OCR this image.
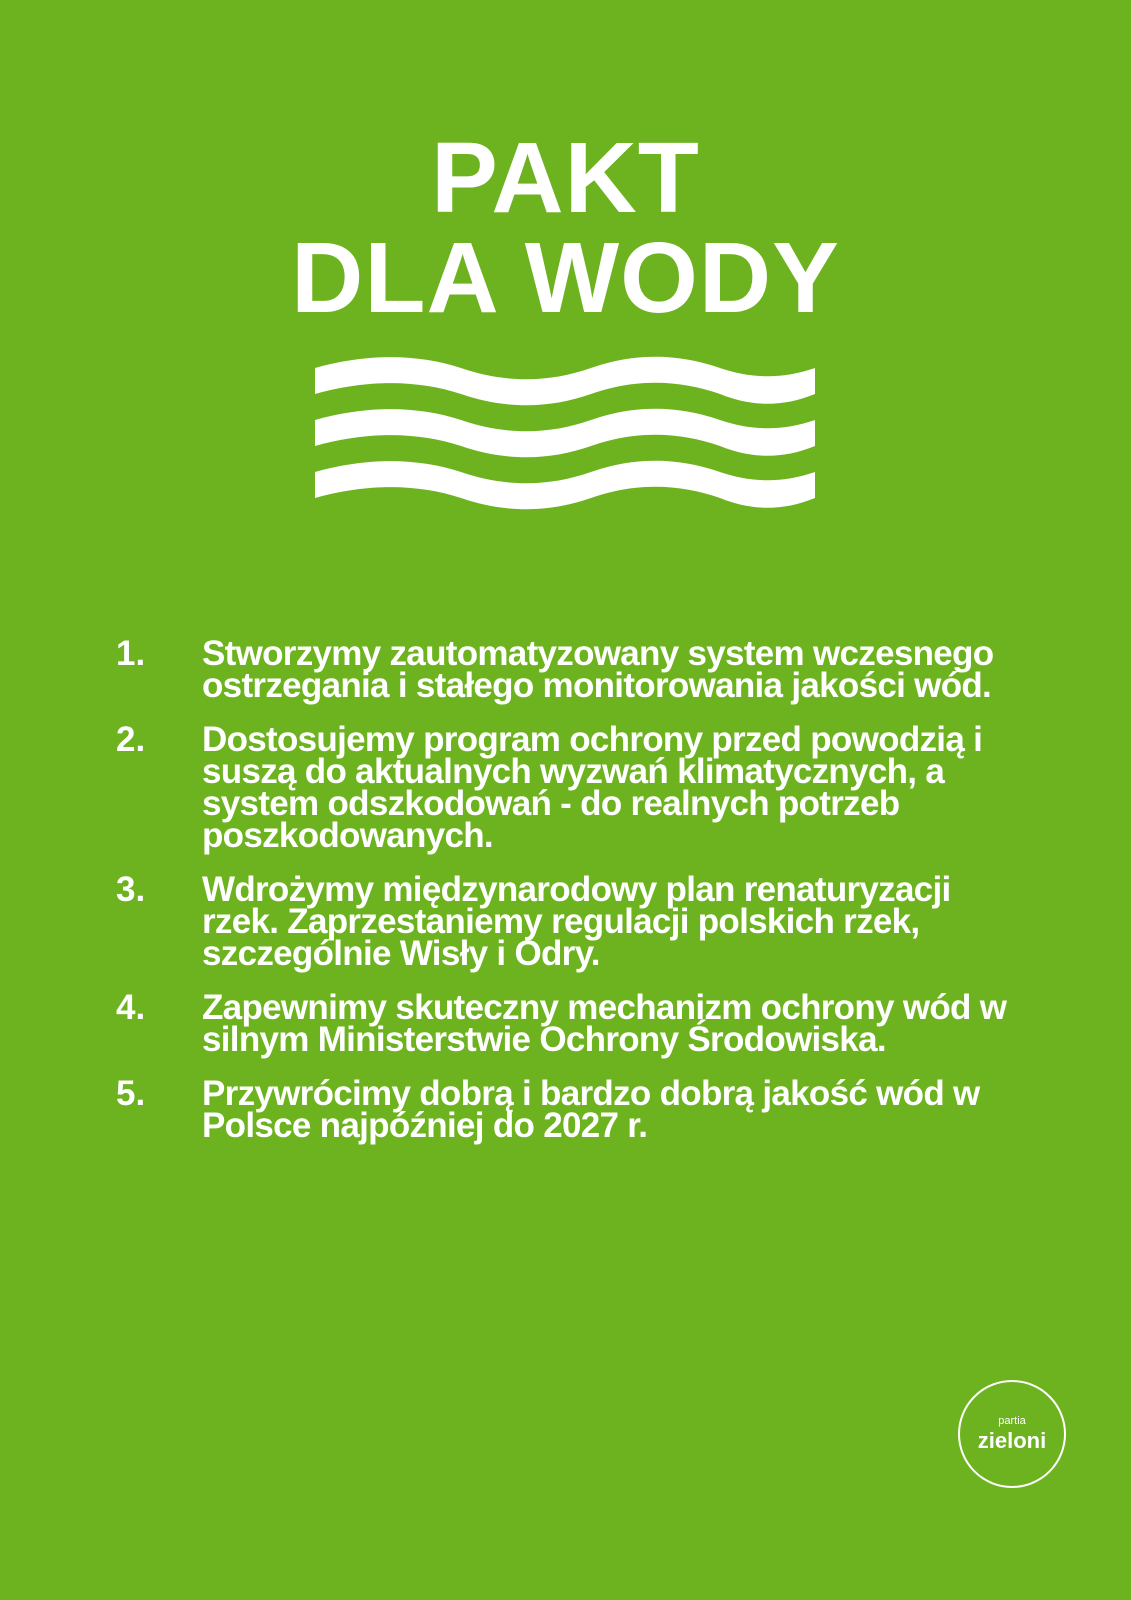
PAKT
DLA WODY
1.	Stworzymy zautomatyzowany system wczesnego ostrzegania i stałego monitorowania jakości wód.
2.	Dostosujemy program ochrony przed powodzią i suszą do aktualnych wyzwań klimatycznych, a system odszkodowań - do realnych potrzeb poszkodowanych.
3.	Wdrożymy międzynarodowy plan renaturyzacji rzek. Zaprzestaniemy regulacji polskich rzek, szczególnie Wisły i Odry.
4.	Zapewnimy skuteczny mechanizm ochrony wód w silnym Ministerstwie Ochrony Środowiska.
5.	Przywrócimy dobrą i bardzo dobrą jakość wód w Polsce najpóźniej do 2027 r.
partia
zieloni
